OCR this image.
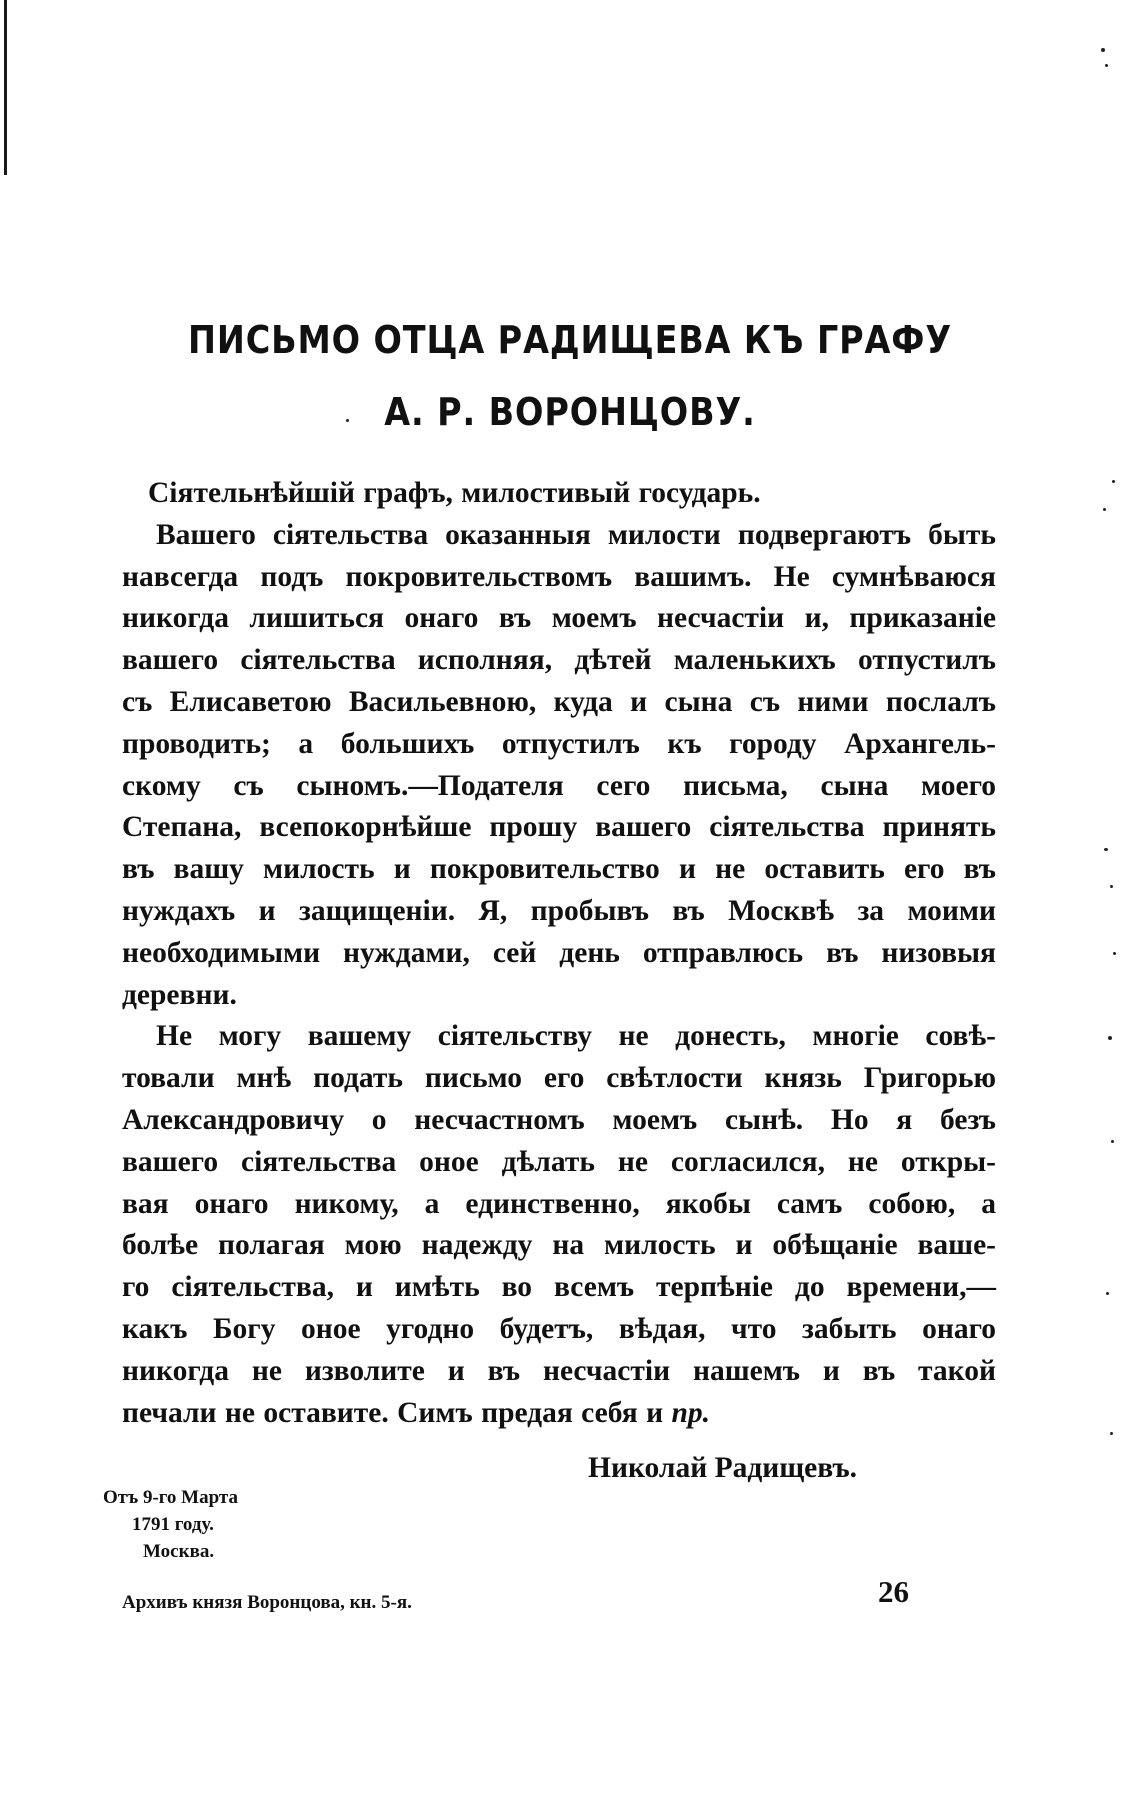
ПИСЬМО ОТЦА РАДИЩЕВА КЪ ГРАФУ
А. Р. ВОРОНЦОВУ.
Сіятельнѣйшій графъ, милостивый государь.
Вашего сіятельства оказанныя милости подвергаютъ быть
навсегда подъ покровительствомъ вашимъ. Не сумнѣваюся
никогда лишиться онаго въ моемъ несчастіи и, приказаніе
вашего сіятельства исполняя, дѣтей маленькихъ отпустилъ
съ Елисаветою Васильевною, куда и сына съ ними послалъ
проводить; а большихъ отпустилъ къ городу Архангель-
скому съ сыномъ.—Подателя сего письма, сына моего
Степана, всепокорнѣйше прошу вашего сіятельства принять
въ вашу милость и покровительство и не оставить его въ
нуждахъ и защищеніи. Я, пробывъ въ Москвѣ за моими
необходимыми нуждами, сей день отправлюсь въ низовыя
деревни.
Не могу вашему сіятельству не донесть, многіе совѣ-
товали мнѣ подать письмо его свѣтлости князь Григорью
Александровичу о несчастномъ моемъ сынѣ. Но я безъ
вашего сіятельства оное дѣлать не согласился, не откры-
вая онаго никому, а единственно, якобы самъ собою, а
болѣе полагая мою надежду на милость и обѣщаніе ваше-
го сіятельства, и имѣть во всемъ терпѣніе до времени,—
какъ Богу оное угодно будетъ, вѣдая, что забыть онаго
никогда не изволите и въ несчастіи нашемъ и въ такой
печали не оставите. Симъ предая себя и пр.
Николай Радищевъ.
Отъ 9-го Марта
1791 году.
Москва.
Архивъ князя Воронцова, кн. 5-я.	26
